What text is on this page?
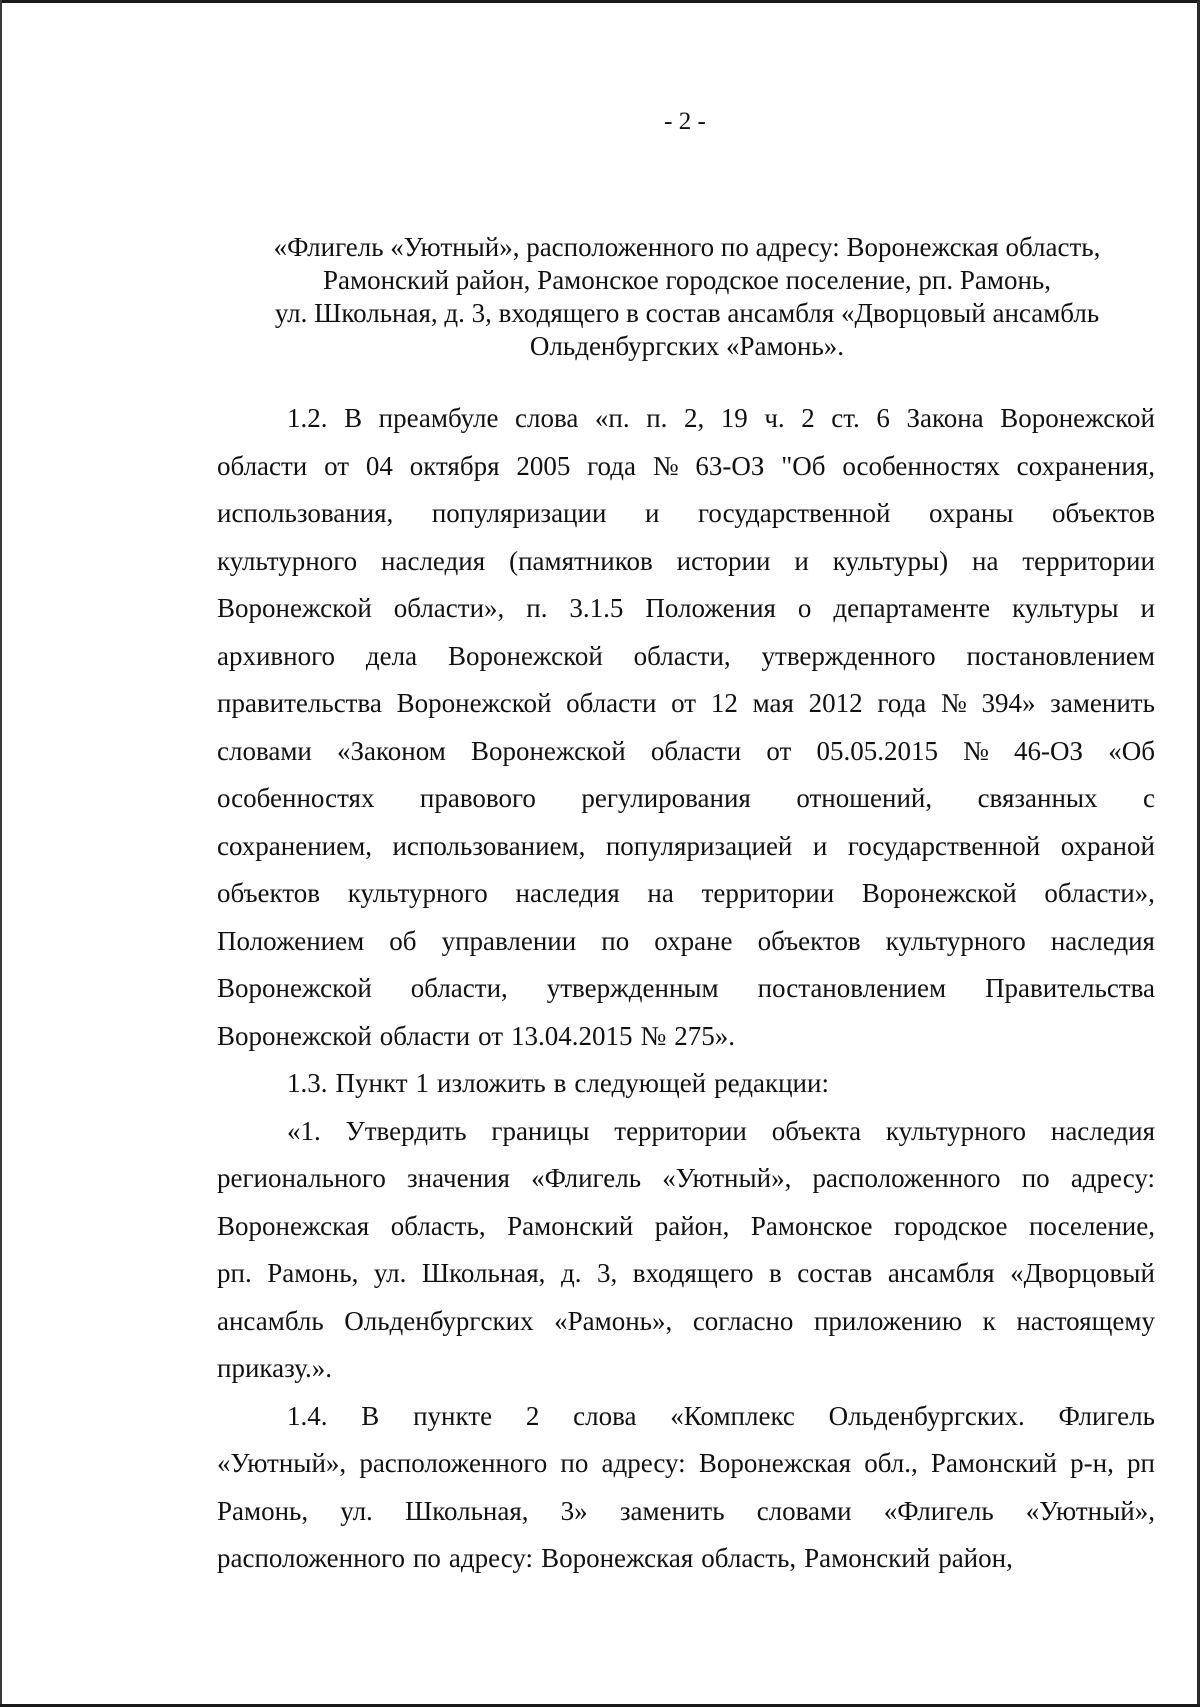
- 2 -
«Флигель «Уютный», расположенного по адресу: Воронежская область,
Рамонский район, Рамонское городское поселение, рп. Рамонь,
ул. Школьная, д. 3, входящего в состав ансамбля «Дворцовый ансамбль
Ольденбургских «Рамонь».
1.2. В преамбуле слова «п. п. 2, 19 ч. 2 ст. 6 Закона Воронежской
области от 04 октября 2005 года № 63-ОЗ "Об особенностях сохранения,
использования, популяризации и государственной охраны объектов
культурного наследия (памятников истории и культуры) на территории
Воронежской области», п. 3.1.5 Положения о департаменте культуры и
архивного дела Воронежской области, утвержденного постановлением
правительства Воронежской области от 12 мая 2012 года № 394» заменить
словами «Законом Воронежской области от 05.05.2015 № 46-ОЗ «Об
особенностях правового регулирования отношений, связанных с
сохранением, использованием, популяризацией и государственной охраной
объектов культурного наследия на территории Воронежской области»,
Положением об управлении по охране объектов культурного наследия
Воронежской области, утвержденным постановлением Правительства
Воронежской области от 13.04.2015 № 275».
1.3. Пункт 1 изложить в следующей редакции:
«1. Утвердить границы территории объекта культурного наследия
регионального значения «Флигель «Уютный», расположенного по адресу:
Воронежская область, Рамонский район, Рамонское городское поселение,
рп. Рамонь, ул. Школьная, д. 3, входящего в состав ансамбля «Дворцовый
ансамбль Ольденбургских «Рамонь», согласно приложению к настоящему
приказу.».
1.4. В пункте 2 слова «Комплекс Ольденбургских. Флигель
«Уютный», расположенного по адресу: Воронежская обл., Рамонский р-н, рп
Рамонь, ул. Школьная, 3» заменить словами «Флигель «Уютный»,
расположенного по адресу: Воронежская область, Рамонский район,
